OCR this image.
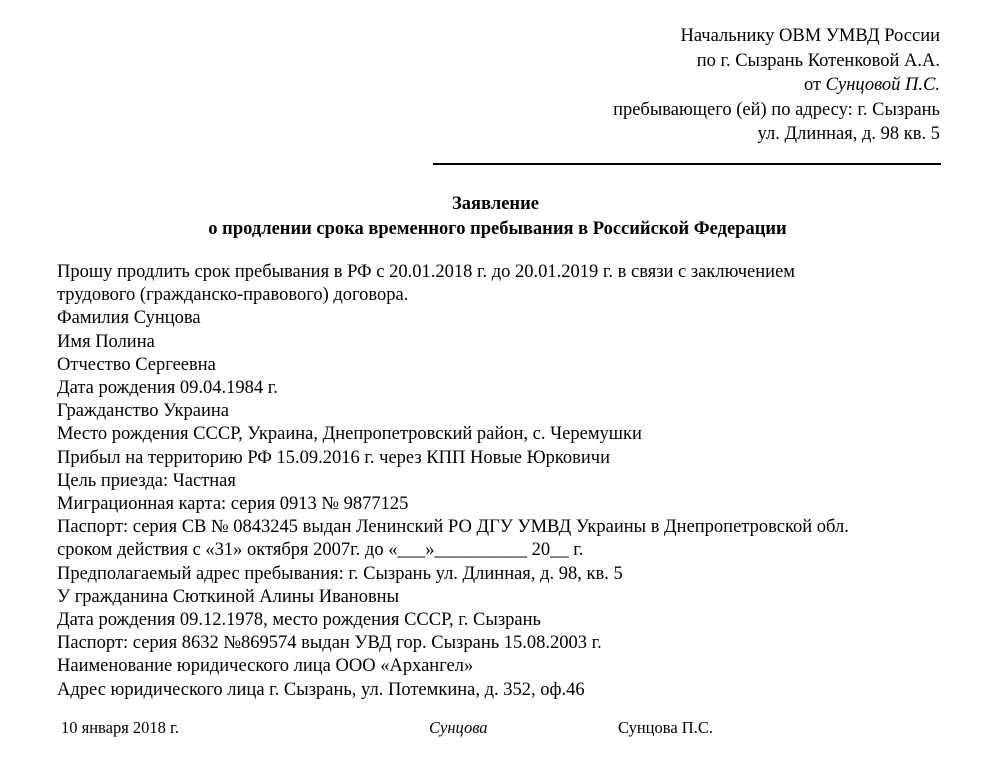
Начальнику ОВМ УМВД России
по г. Сызрань Котенковой А.А.
от Сунцовой П.С.
пребывающего (ей) по адресу: г. Сызрань
ул. Длинная, д. 98 кв. 5
Заявление
о продлении срока временного пребывания в Российской Федерации
Прошу продлить срок пребывания в РФ с 20.01.2018 г. до 20.01.2019 г. в связи с заключением
трудового (гражданско-правового) договора.
Фамилия Сунцова
Имя Полина
Отчество Сергеевна
Дата рождения 09.04.1984 г.
Гражданство Украина
Место рождения СССР, Украина, Днепропетровский район, с. Черемушки
Прибыл на территорию РФ 15.09.2016 г. через КПП Новые Юрковичи
Цель приезда: Частная
Миграционная карта: серия 0913 № 9877125
Паспорт: серия СВ № 0843245 выдан Ленинский РО ДГУ УМВД Украины в Днепропетровской обл.
сроком действия с «31» октября 2007г. до «___»__________ 20__ г.
Предполагаемый адрес пребывания: г. Сызрань ул. Длинная, д. 98, кв. 5
У гражданина Сюткиной Алины Ивановны
Дата рождения 09.12.1978, место рождения СССР, г. Сызрань
Паспорт: серия 8632 №869574 выдан УВД гор. Сызрань 15.08.2003 г.
Наименование юридического лица ООО «Архангел»
Адрес юридического лица г. Сызрань, ул. Потемкина, д. 352, оф.46
10 января 2018 г.	Сунцова	Сунцова П.С.
